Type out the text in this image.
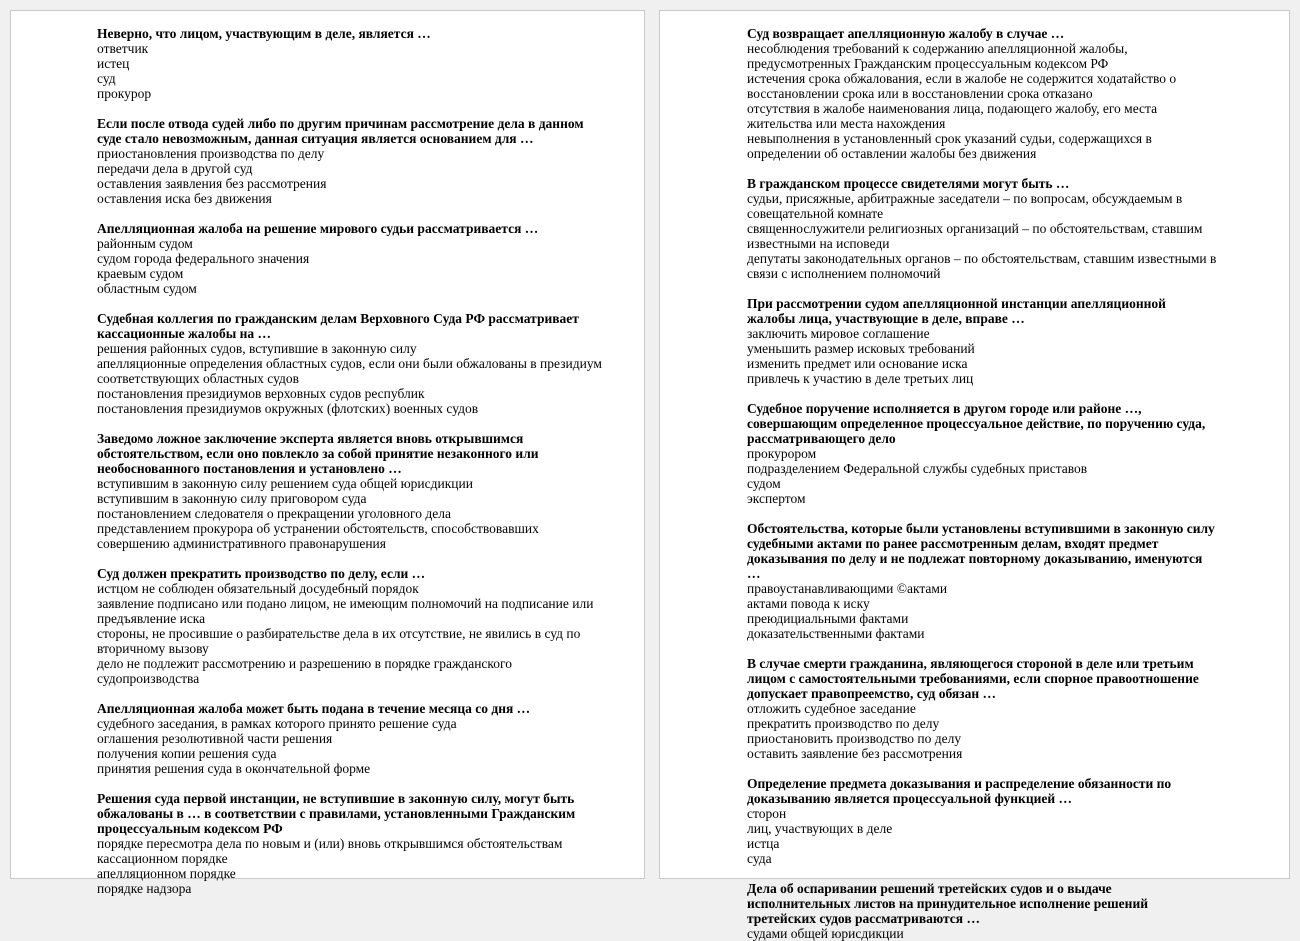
Неверно, что лицом, участвующим в деле, является …
ответчик
истец
суд
прокурор
Если после отвода судей либо по другим причинам рассмотрение дела в данном суде стало невозможным, данная ситуация является основанием для …
приостановления производства по делу
передачи дела в другой суд
оставления заявления без рассмотрения
оставления иска без движения
Апелляционная жалоба на решение мирового судьи рассматривается …
районным судом
судом города федерального значения
краевым судом
областным судом
Судебная коллегия по гражданским делам Верховного Суда РФ рассматривает кассационные жалобы на …
решения районных судов, вступившие в законную силу
апелляционные определения областных судов, если они были обжалованы в президиум соответствующих областных судов
постановления президиумов верховных судов республик
постановления президиумов окружных (флотских) военных судов
Заведомо ложное заключение эксперта является вновь открывшимся обстоятельством, если оно повлекло за собой принятие незаконного или необоснованного постановления и установлено …
вступившим в законную силу решением суда общей юрисдикции
вступившим в законную силу приговором суда
постановлением следователя о прекращении уголовного дела
представлением прокурора об устранении обстоятельств, способствовавших совершению административного правонарушения
Суд должен прекратить производство по делу, если …
истцом не соблюден обязательный досудебный порядок
заявление подписано или подано лицом, не имеющим полномочий на подписание или предъявление иска
стороны, не просившие о разбирательстве дела в их отсутствие, не явились в суд по вторичному вызову
дело не подлежит рассмотрению и разрешению в порядке гражданского судопроизводства
Апелляционная жалоба может быть подана в течение месяца со дня …
судебного заседания, в рамках которого принято решение суда
оглашения резолютивной части решения
получения копии решения суда
принятия решения суда в окончательной форме
Решения суда первой инстанции, не вступившие в законную силу, могут быть обжалованы в … в соответствии с правилами, установленными Гражданским процессуальным кодексом РФ
порядке пересмотра дела по новым и (или) вновь открывшимся обстоятельствам
кассационном порядке
апелляционном порядке
порядке надзора
Суд возвращает апелляционную жалобу в случае …
несоблюдения требований к содержанию апелляционной жалобы, предусмотренных Гражданским процессуальным кодексом РФ
истечения срока обжалования, если в жалобе не содержится ходатайство о восстановлении срока или в восстановлении срока отказано
отсутствия в жалобе наименования лица, подающего жалобу, его места жительства или места нахождения
невыполнения в установленный срок указаний судьи, содержащихся в определении об оставлении жалобы без движения
В гражданском процессе свидетелями могут быть …
судьи, присяжные, арбитражные заседатели – по вопросам, обсуждаемым в совещательной комнате
священнослужители религиозных организаций – по обстоятельствам, ставшим известными на исповеди
депутаты законодательных органов – по обстоятельствам, ставшим известными в связи с исполнением полномочий
При рассмотрении судом апелляционной инстанции апелляционной жалобы лица, участвующие в деле, вправе …
заключить мировое соглашение
уменьшить размер исковых требований
изменить предмет или основание иска
привлечь к участию в деле третьих лиц
Судебное поручение исполняется в другом городе или районе …, совершающим определенное процессуальное действие, по поручению суда, рассматривающего дело
прокурором
подразделением Федеральной службы судебных приставов
судом
экспертом
Обстоятельства, которые были установлены вступившими в законную силу судебными актами по ранее рассмотренным делам, входят предмет доказывания по делу и не подлежат повторному доказыванию, именуются …
правоустанавливающими ©актами
актами повода к иску
преюдициальными фактами
доказательственными фактами
В случае смерти гражданина, являющегося стороной в деле или третьим лицом с самостоятельными требованиями, если спорное правоотношение допускает правопреемство, суд обязан …
отложить судебное заседание
прекратить производство по делу
приостановить производство по делу
оставить заявление без рассмотрения
Определение предмета доказывания и распределение обязанности по доказыванию является процессуальной функцией …
сторон
лиц, участвующих в деле
истца
суда
Дела об оспаривании решений третейских судов и о выдаче исполнительных листов на принудительное исполнение решений третейских судов рассматриваются …
судами общей юрисдикции
